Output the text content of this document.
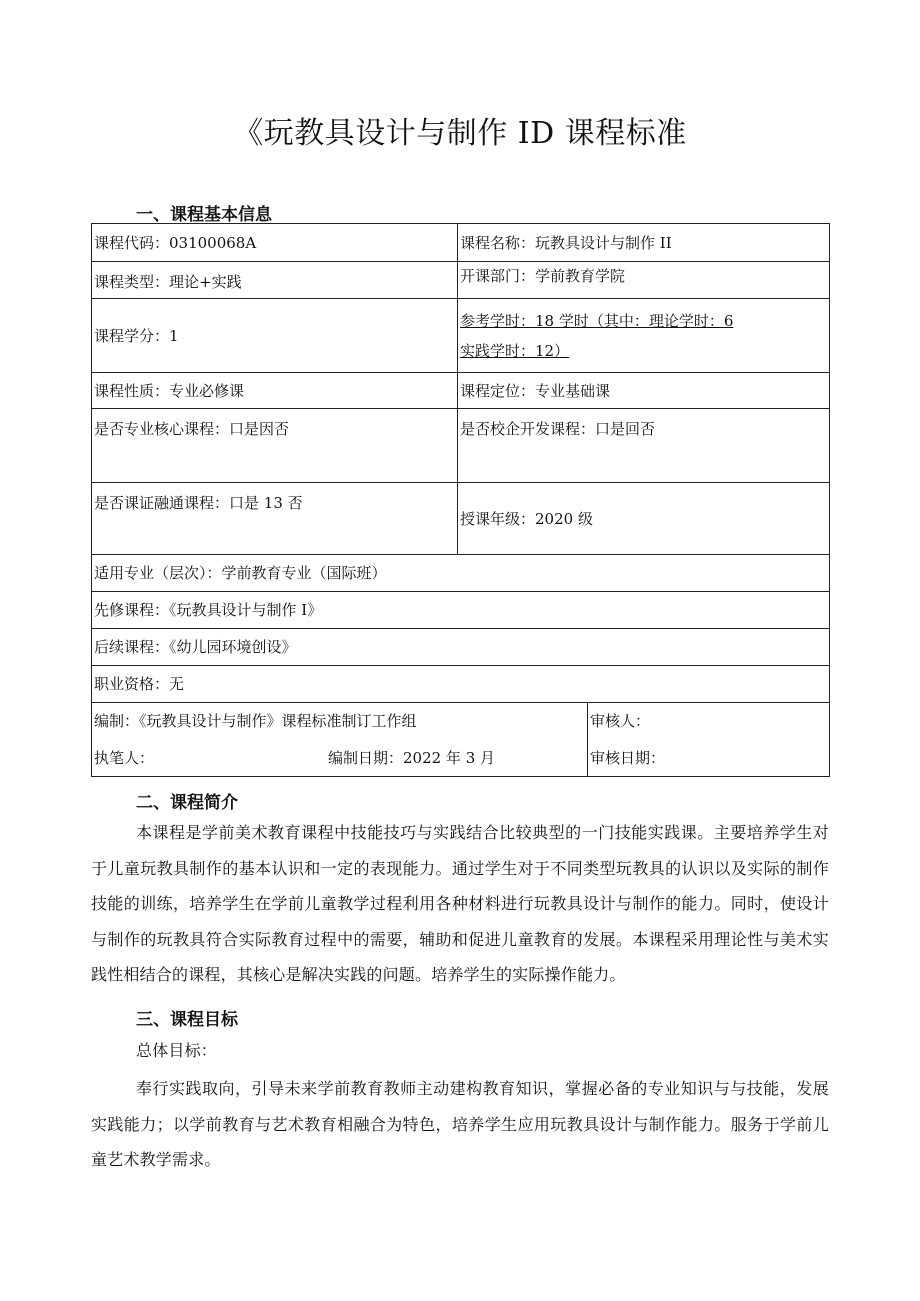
《玩教具设计与制作 ID 课程标准
一、课程基本信息
课程代码：03100068A	课程名称：玩教具设计与制作 II	
课程类型：理论+实践	开课部门：学前教育学院	
课程学分：1	参考学时：18 学时（其中：理论学时：6
实践学时：12）	

课程性质：专业必修课	课程定位：专业基础课	
是否专业核心课程：口是因否	是否校企开发课程：口是回否	
是否课证融通课程：口是 13 否	授课年级：2020 级	
适用专业（层次）：学前教育专业（国际班）		
先修课程：《玩教具设计与制作 I》		
后续课程：《幼儿园环境创设》		
职业资格：无		
编制：《玩教具设计与制作》课程标准制订工作组		审核人：
执笔人： 编制日期：2022 年 3 月		审核日期：
二、课程简介
本课程是学前美术教育课程中技能技巧与实践结合比较典型的一门技能实践课。主要培养学生对于儿童玩教具制作的基本认识和一定的表现能力。通过学生对于不同类型玩教具的认识以及实际的制作技能的训练，培养学生在学前儿童教学过程利用各种材料进行玩教具设计与制作的能力。同时，使设计与制作的玩教具符合实际教育过程中的需要，辅助和促进儿童教育的发展。本课程采用理论性与美术实践性相结合的课程，其核心是解决实践的问题。培养学生的实际操作能力。
三、课程目标
总体目标：
奉行实践取向，引导未来学前教育教师主动建构教育知识，掌握必备的专业知识与与技能，发展实践能力；以学前教育与艺术教育相融合为特色，培养学生应用玩教具设计与制作能力。服务于学前儿童艺术教学需求。
